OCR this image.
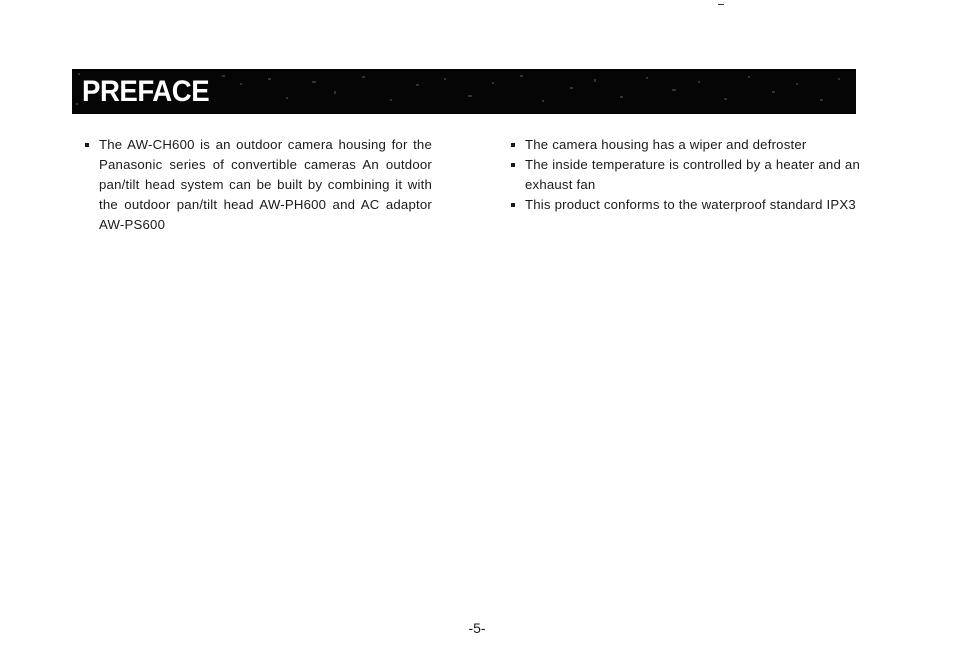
PREFACE
The AW-CH600 is an outdoor camera housing for the Panasonic series of convertible cameras An outdoor pan/tilt head system can be built by combining it with the outdoor pan/tilt head AW-PH600 and AC adaptor AW-PS600
The camera housing has a wiper and defroster
The inside temperature is controlled by a heater and an exhaust fan
This product conforms to the waterproof standard IPX3
-5-
